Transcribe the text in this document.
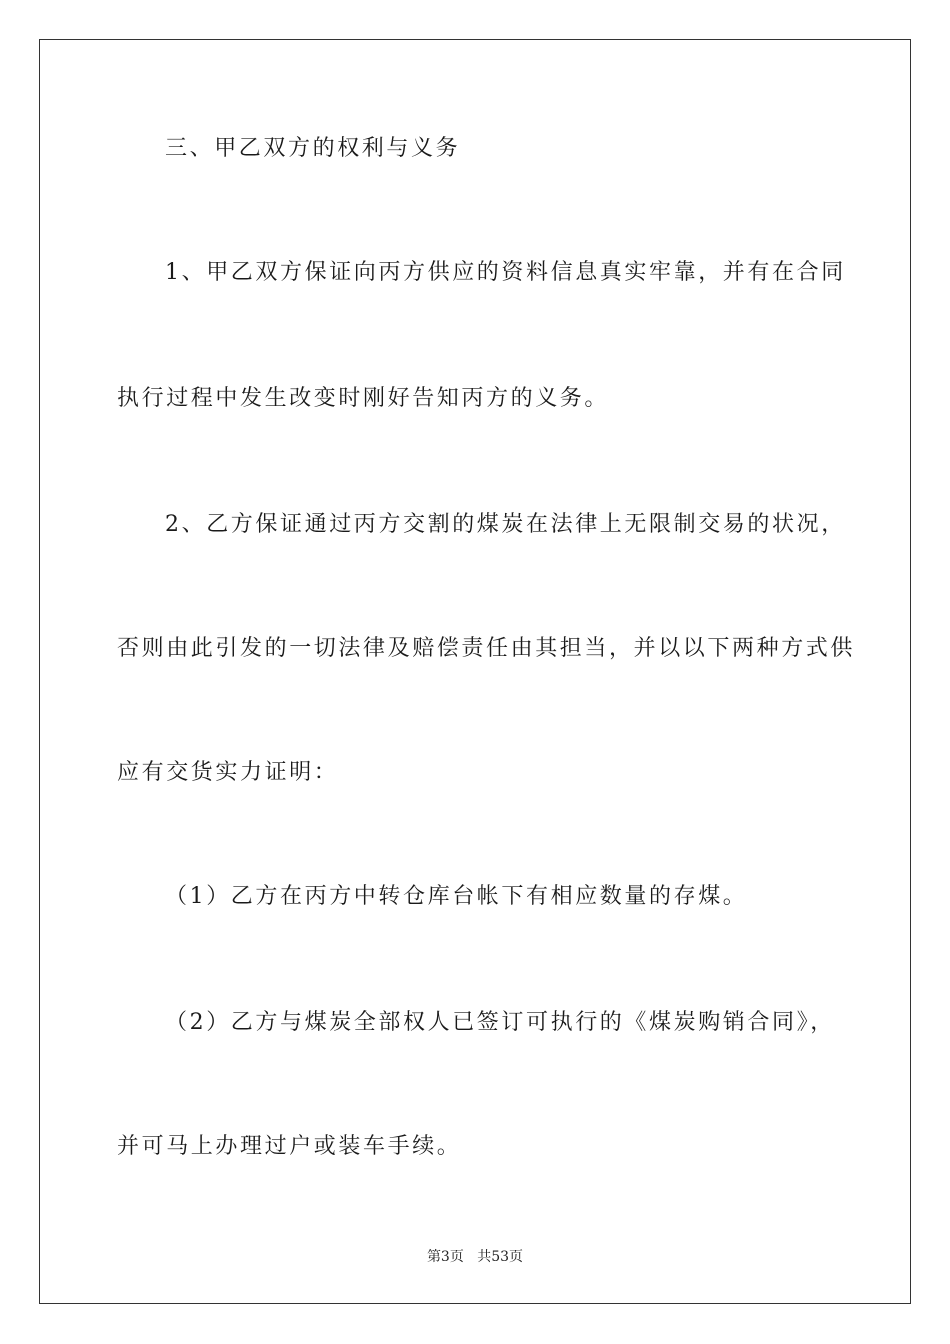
三、甲乙双方的权利与义务
1、甲乙双方保证向丙方供应的资料信息真实牢靠，并有在合同
执行过程中发生改变时刚好告知丙方的义务。
2、乙方保证通过丙方交割的煤炭在法律上无限制交易的状况，
否则由此引发的一切法律及赔偿责任由其担当，并以以下两种方式供
应有交货实力证明：
（1）乙方在丙方中转仓库台帐下有相应数量的存煤。
（2）乙方与煤炭全部权人已签订可执行的《煤炭购销合同》，
并可马上办理过户或装车手续。
第3页 共53页
